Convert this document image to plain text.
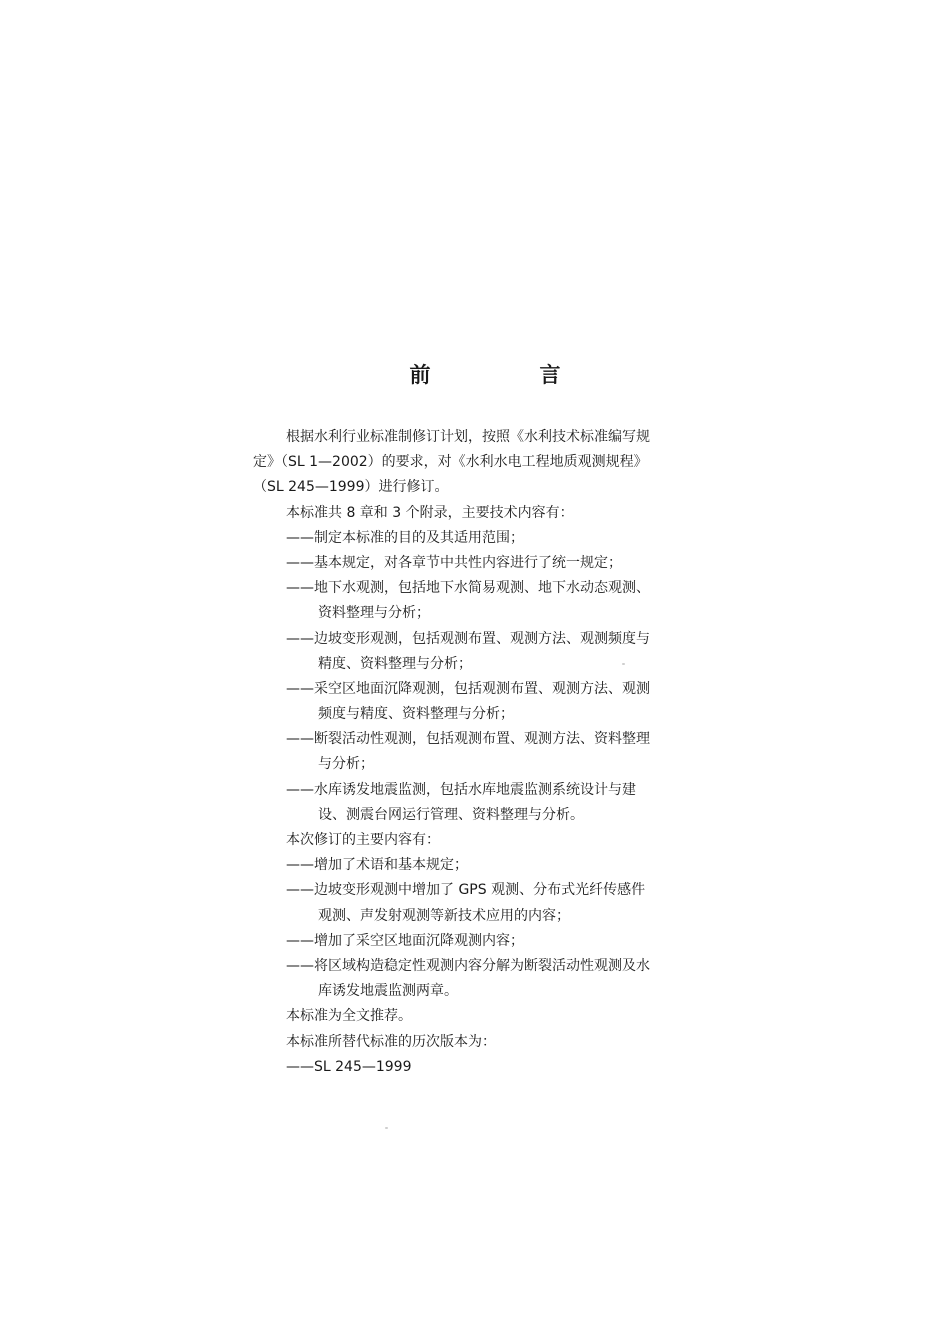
前　言
根据水利行业标准制修订计划，按照《水利技术标准编写规
定》（SL 1—2002）的要求，对《水利水电工程地质观测规程》
（SL 245—1999）进行修订。
本标准共 8 章和 3 个附录，主要技术内容有：
——制定本标准的目的及其适用范围；
——基本规定，对各章节中共性内容进行了统一规定；
——地下水观测，包括地下水简易观测、地下水动态观测、
资料整理与分析；
——边坡变形观测，包括观测布置、观测方法、观测频度与
精度、资料整理与分析；
——采空区地面沉降观测，包括观测布置、观测方法、观测
频度与精度、资料整理与分析；
——断裂活动性观测，包括观测布置、观测方法、资料整理
与分析；
——水库诱发地震监测，包括水库地震监测系统设计与建
设、测震台网运行管理、资料整理与分析。
本次修订的主要内容有：
——增加了术语和基本规定；
——边坡变形观测中增加了 GPS 观测、分布式光纤传感件
观测、声发射观测等新技术应用的内容；
——增加了采空区地面沉降观测内容；
——将区域构造稳定性观测内容分解为断裂活动性观测及水
库诱发地震监测两章。
本标准为全文推荐。
本标准所替代标准的历次版本为：
——SL 245—1999
